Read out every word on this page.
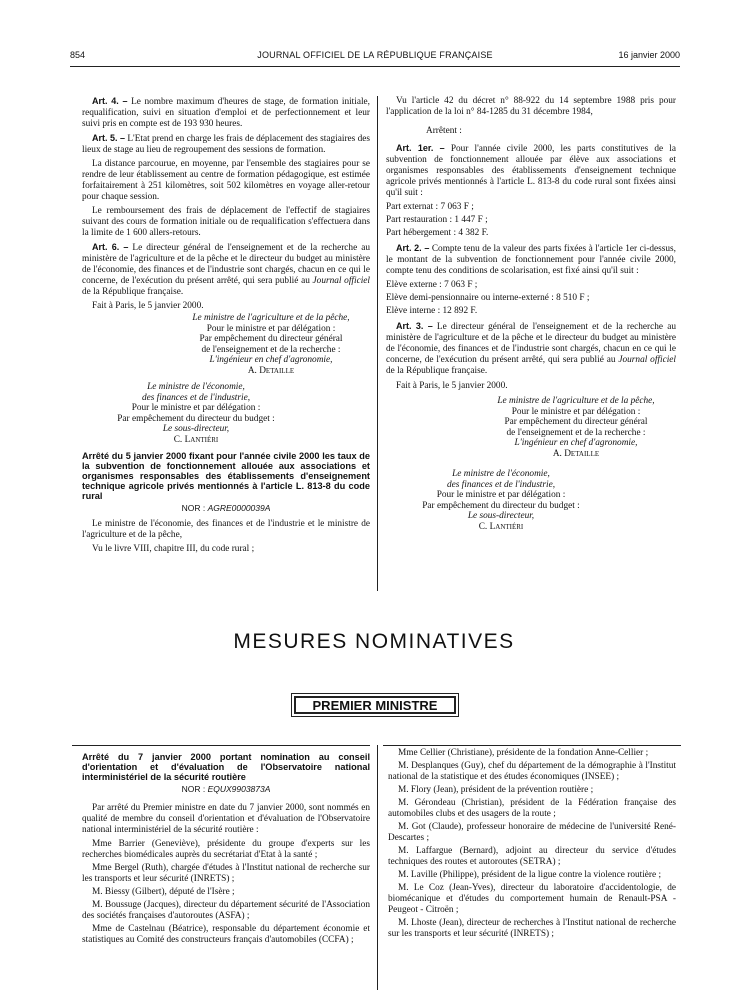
854	JOURNAL OFFICIEL DE LA RÉPUBLIQUE FRANÇAISE	16 janvier 2000

Art. 4. – Le nombre maximum d'heures de stage, de formation initiale, requalification, suivi en situation d'emploi et de perfectionnement et leur suivi pris en compte est de 193 930 heures.

Art. 5. – L'Etat prend en charge les frais de déplacement des stagiaires des lieux de stage au lieu de regroupement des sessions de formation.

La distance parcourue, en moyenne, par l'ensemble des stagiaires pour se rendre de leur établissement au centre de formation pédagogique, est estimée forfaitairement à 251 kilomètres, soit 502 kilomètres en voyage aller-retour pour chaque session.

Le remboursement des frais de déplacement de l'effectif de stagiaires suivant des cours de formation initiale ou de requalification s'effectuera dans la limite de 1 600 allers-retours.

Art. 6. – Le directeur général de l'enseignement et de la recherche au ministère de l'agriculture et de la pêche et le directeur du budget au ministère de l'économie, des finances et de l'industrie sont chargés, chacun en ce qui le concerne, de l'exécution du présent arrêté, qui sera publié au Journal officiel de la République française.

Fait à Paris, le 5 janvier 2000.

Le ministre de l'agriculture et de la pêche,
Pour le ministre et par délégation :
Par empêchement du directeur général
de l'enseignement et de la recherche :
L'ingénieur en chef d'agronomie,
A. Detaille
Le ministre de l'économie,
des finances et de l'industrie,
Pour le ministre et par délégation :
Par empêchement du directeur du budget :
Le sous-directeur,
C. Lantiéri
Arrêté du 5 janvier 2000 fixant pour l'année civile 2000 les taux de la subvention de fonctionnement allouée aux associations et organismes responsables des établissements d'enseignement technique agricole privés mentionnés à l'article L. 813-8 du code rural
NOR : AGRE0000039A

Le ministre de l'économie, des finances et de l'industrie et le ministre de l'agriculture et de la pêche,

Vu le livre VIII, chapitre III, du code rural ;

Vu l'article 42 du décret n° 88-922 du 14 septembre 1988 pris pour l'application de la loi n° 84-1285 du 31 décembre 1984,

Arrêtent :

Art. 1er. – Pour l'année civile 2000, les parts constitutives de la subvention de fonctionnement allouée par élève aux associations et organismes responsables des établissements d'enseignement technique agricole privés mentionnés à l'article L. 813-8 du code rural sont fixées ainsi qu'il suit :

Part externat : 7 063 F ;

Part restauration : 1 447 F ;

Part hébergement : 4 382 F.

Art. 2. – Compte tenu de la valeur des parts fixées à l'article 1er ci-dessus, le montant de la subvention de fonctionnement pour l'année civile 2000, compte tenu des conditions de scolarisation, est fixé ainsi qu'il suit :

Elève externe : 7 063 F ;

Elève demi-pensionnaire ou interne-externé : 8 510 F ;

Elève interne : 12 892 F.

Art. 3. – Le directeur général de l'enseignement et de la recherche au ministère de l'agriculture et de la pêche et le directeur du budget au ministère de l'économie, des finances et de l'industrie sont chargés, chacun en ce qui le concerne, de l'exécution du présent arrêté, qui sera publié au Journal officiel de la République française.

Fait à Paris, le 5 janvier 2000.

Le ministre de l'agriculture et de la pêche,
Pour le ministre et par délégation :
Par empêchement du directeur général
de l'enseignement et de la recherche :
L'ingénieur en chef d'agronomie,
A. Detaille
Le ministre de l'économie,
des finances et de l'industrie,
Pour le ministre et par délégation :
Par empêchement du directeur du budget :
Le sous-directeur,
C. Lantiéri
MESURES NOMINATIVES
PREMIER MINISTRE
Arrêté du 7 janvier 2000 portant nomination au conseil d'orientation et d'évaluation de l'Observatoire national interministériel de la sécurité routière
NOR : EQUX9903873A

Par arrêté du Premier ministre en date du 7 janvier 2000, sont nommés en qualité de membre du conseil d'orientation et d'évaluation de l'Observatoire national interministériel de la sécurité routière :

Mme Barrier (Geneviève), présidente du groupe d'experts sur les recherches biomédicales auprès du secrétariat d'Etat à la santé ;

Mme Bergel (Ruth), chargée d'études à l'Institut national de recherche sur les transports et leur sécurité (INRETS) ;

M. Biessy (Gilbert), député de l'Isère ;

M. Boussuge (Jacques), directeur du département sécurité de l'Association des sociétés françaises d'autoroutes (ASFA) ;

Mme de Castelnau (Béatrice), responsable du département économie et statistiques au Comité des constructeurs français d'automobiles (CCFA) ;

Mme Cellier (Christiane), présidente de la fondation Anne-Cellier ;

M. Desplanques (Guy), chef du département de la démographie à l'Institut national de la statistique et des études économiques (INSEE) ;

M. Flory (Jean), président de la prévention routière ;

M. Gérondeau (Christian), président de la Fédération française des automobiles clubs et des usagers de la route ;

M. Got (Claude), professeur honoraire de médecine de l'université René-Descartes ;

M. Laffargue (Bernard), adjoint au directeur du service d'études techniques des routes et autoroutes (SETRA) ;

M. Laville (Philippe), président de la ligue contre la violence routière ;

M. Le Coz (Jean-Yves), directeur du laboratoire d'accidentologie, de biomécanique et d'études du comportement humain de Renault-PSA - Peugeot - Citroën ;

M. Lhoste (Jean), directeur de recherches à l'Institut national de recherche sur les transports et leur sécurité (INRETS) ;
